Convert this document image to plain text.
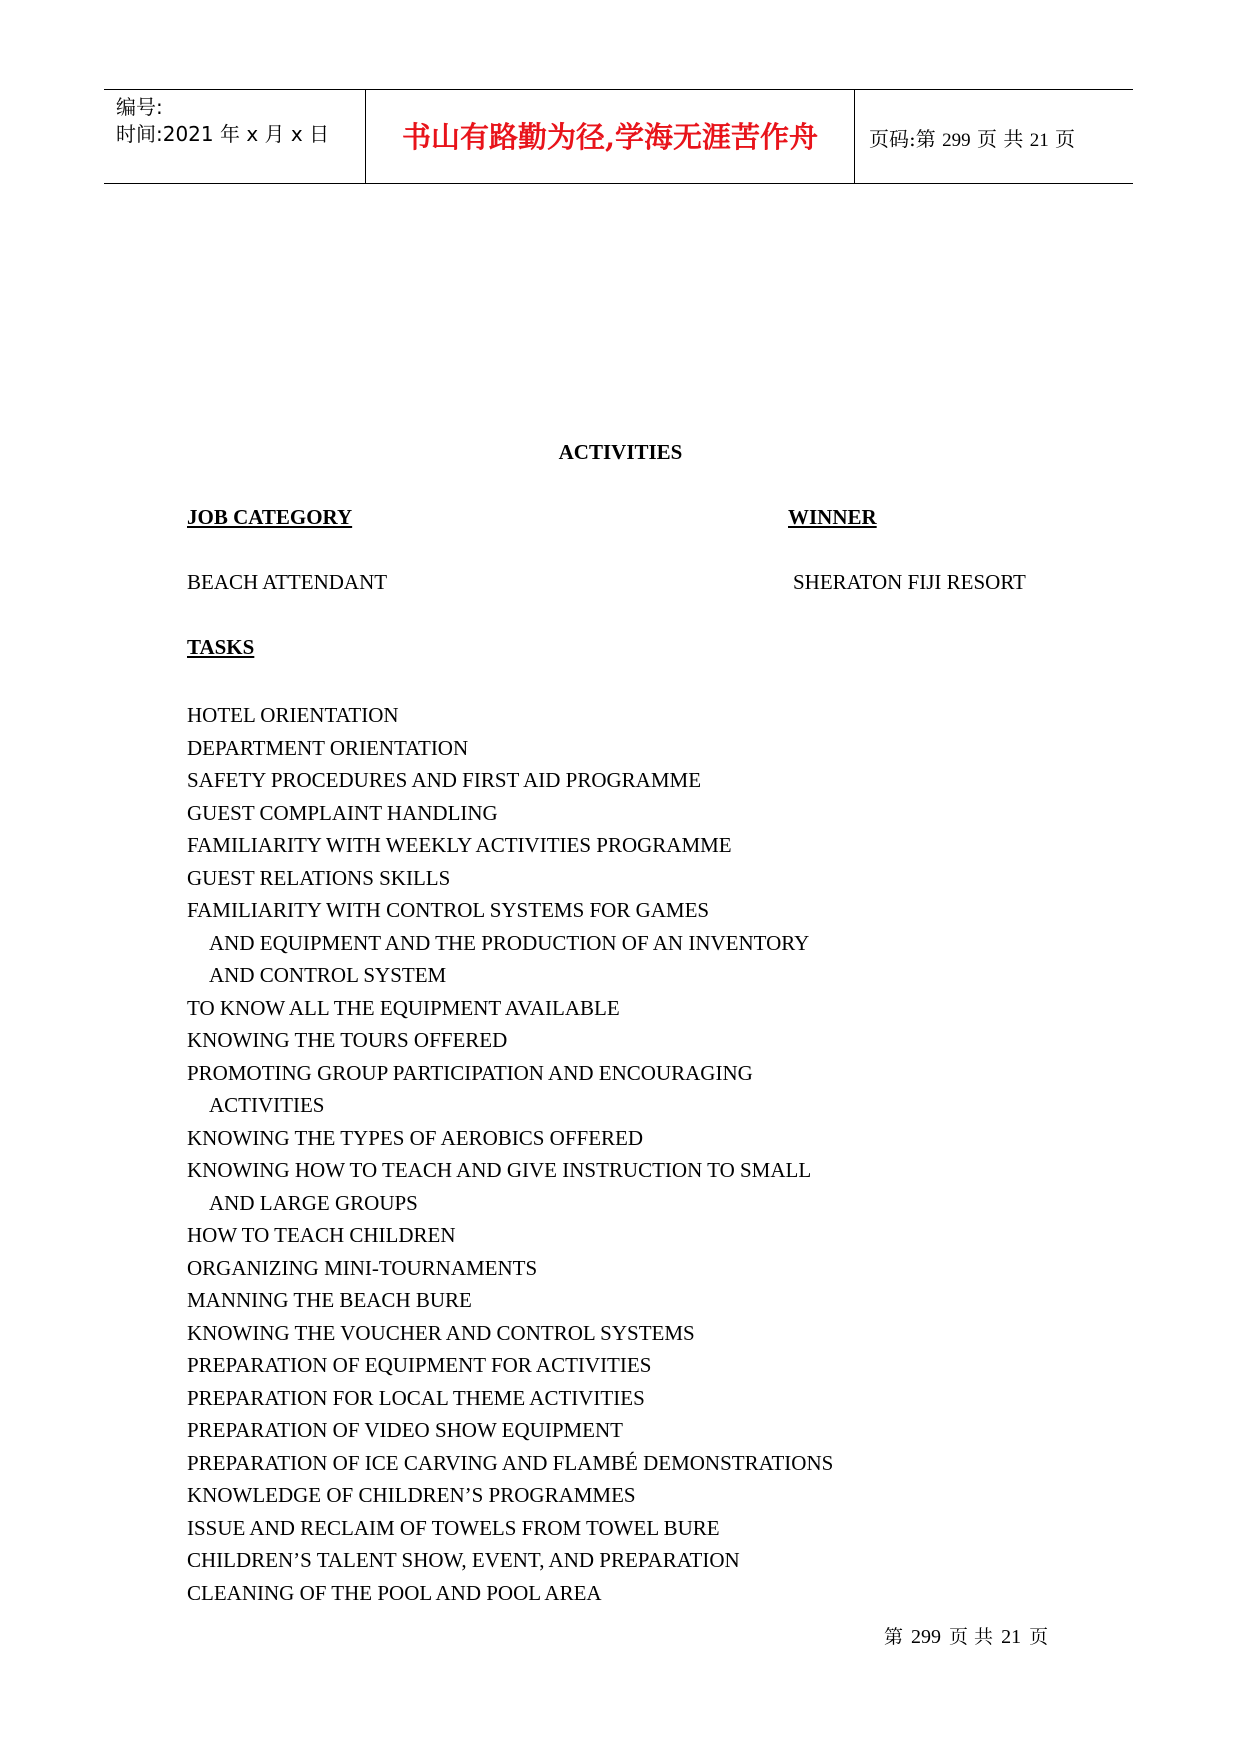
编号:
时间:2021 年 x 月 x 日	书山有路勤为径,学海无涯苦作舟	页码:第 299 页 共 21 页
ACTIVITIES
JOB CATEGORY	WINNER
BEACH ATTENDANT	SHERATON FIJI RESORT
TASKS
HOTEL ORIENTATION
DEPARTMENT ORIENTATION
SAFETY PROCEDURES AND FIRST AID PROGRAMME
GUEST COMPLAINT HANDLING
FAMILIARITY WITH WEEKLY ACTIVITIES PROGRAMME
GUEST RELATIONS SKILLS
FAMILIARITY WITH CONTROL SYSTEMS FOR GAMES
AND EQUIPMENT AND THE PRODUCTION OF AN INVENTORY
AND CONTROL SYSTEM
TO KNOW ALL THE EQUIPMENT AVAILABLE
KNOWING THE TOURS OFFERED
PROMOTING GROUP PARTICIPATION AND ENCOURAGING
ACTIVITIES
KNOWING THE TYPES OF AEROBICS OFFERED
KNOWING HOW TO TEACH AND GIVE INSTRUCTION TO SMALL
AND LARGE GROUPS
HOW TO TEACH CHILDREN
ORGANIZING MINI-TOURNAMENTS
MANNING THE BEACH BURE
KNOWING THE VOUCHER AND CONTROL SYSTEMS
PREPARATION OF EQUIPMENT FOR ACTIVITIES
PREPARATION FOR LOCAL THEME ACTIVITIES
PREPARATION OF VIDEO SHOW EQUIPMENT
PREPARATION OF ICE CARVING AND FLAMBÉ DEMONSTRATIONS
KNOWLEDGE OF CHILDREN’S PROGRAMMES
ISSUE AND RECLAIM OF TOWELS FROM TOWEL BURE
CHILDREN’S TALENT SHOW, EVENT, AND PREPARATION
CLEANING OF THE POOL AND POOL AREA
第 299 页 共 21 页
